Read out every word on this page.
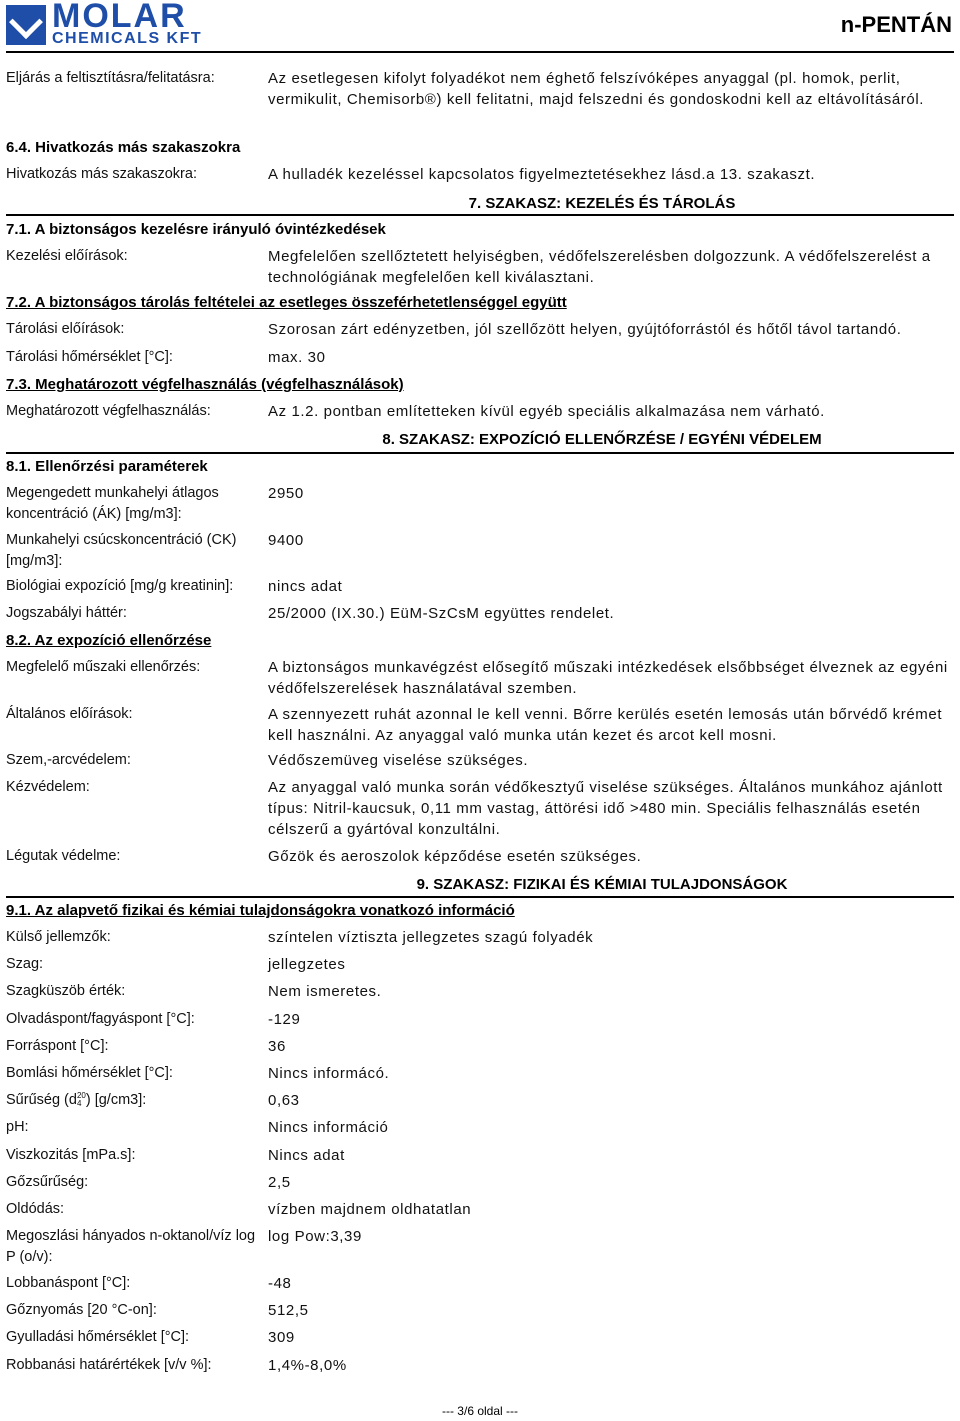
MOLAR
CHEMICALS KFT
n-PENTÁN
Eljárás a feltisztításra/felitatásra:	Az esetlegesen kifolyt folyadékot nem éghető felszívóképes anyaggal (pl. homok, perlit, vermikulit, Chemisorb®) kell felitatni, majd felszedni és gondoskodni kell az eltávolításáról.
6.4. Hivatkozás más szakaszokra
Hivatkozás más szakaszokra:	A hulladék kezeléssel kapcsolatos figyelmeztetésekhez lásd.a 13. szakaszt.
7. SZAKASZ: KEZELÉS ÉS TÁROLÁS
7.1. A biztonságos kezelésre irányuló óvintézkedések
Kezelési előírások:	Megfelelően szellőztetett helyiségben, védőfelszerelésben dolgozzunk. A védőfelszerelést a technológiának megfelelően kell kiválasztani.
7.2. A biztonságos tárolás feltételei az esetleges összeférhetetlenséggel együtt
Tárolási előírások:	Szorosan zárt edényzetben, jól szellőzött helyen, gyújtóforrástól és hőtől távol tartandó.
Tárolási hőmérséklet [°C]:	max. 30
7.3. Meghatározott végfelhasználás (végfelhasználások)
Meghatározott végfelhasználás:	Az 1.2. pontban említetteken kívül egyéb speciális alkalmazása nem várható.
8. SZAKASZ: EXPOZÍCIÓ ELLENŐRZÉSE / EGYÉNI VÉDELEM
8.1. Ellenőrzési paraméterek
Megengedett munkahelyi átlagos koncentráció (ÁK) [mg/m3]:
2950
Munkahelyi csúcskoncentráció (CK) [mg/m3]:
9400
Biológiai expozíció [mg/g kreatinin]: nincs adat
Jogszabályi háttér:	25/2000 (IX.30.) EüM-SzCsM együttes rendelet.
8.2. Az expozíció ellenőrzése
Megfelelő műszaki ellenőrzés:	A biztonságos munkavégzést elősegítő műszaki intézkedések elsőbbséget élveznek az egyéni védőfelszerelések használatával szemben.
Általános előírások:	A szennyezett ruhát azonnal le kell venni. Bőrre kerülés esetén lemosás után bőrvédő krémet kell használni. Az anyaggal való munka után kezet és arcot kell mosni.
Szem,-arcvédelem:	Védőszemüveg viselése szükséges.
Kézvédelem:	Az anyaggal való munka során védőkesztyű viselése szükséges. Általános munkához ajánlott típus: Nitril-kaucsuk, 0,11 mm vastag, áttörési idő >480 min. Speciális felhasználás esetén célszerű a gyártóval konzultálni.
Légutak védelme:	Gőzök és aeroszolok képződése esetén szükséges.
9. SZAKASZ: FIZIKAI ÉS KÉMIAI TULAJDONSÁGOK
9.1. Az alapvető fizikai és kémiai tulajdonságokra vonatkozó információ
Külső jellemzők:	színtelen víztiszta jellegzetes szagú folyadék
Szag:	jellegzetes
Szagküszöb érték:	Nem ismeretes.
Olvadáspont/fagyáspont [°C]:	-129
Forráspont [°C]:	36
Bomlási hőmérséklet [°C]:	Nincs informácó.
Sűrűség (d 20
4 ) [g/cm3]:	0,63
pH:	Nincs információ
Viszkozitás [mPa.s]:	Nincs adat
Gőzsűrűség:	2,5
Oldódás:	vízben majdnem oldhatatlan
Megoszlási hányados n-oktanol/víz log P (o/v):
log Pow:3,39
Lobbanáspont [°C]:	-48
Gőznyomás [20 °C-on]:	512,5
Gyulladási hőmérséklet [°C]:	309
Robbanási határértékek [v/v %]:	1,4%-8,0%
--- 3/6 oldal ---
